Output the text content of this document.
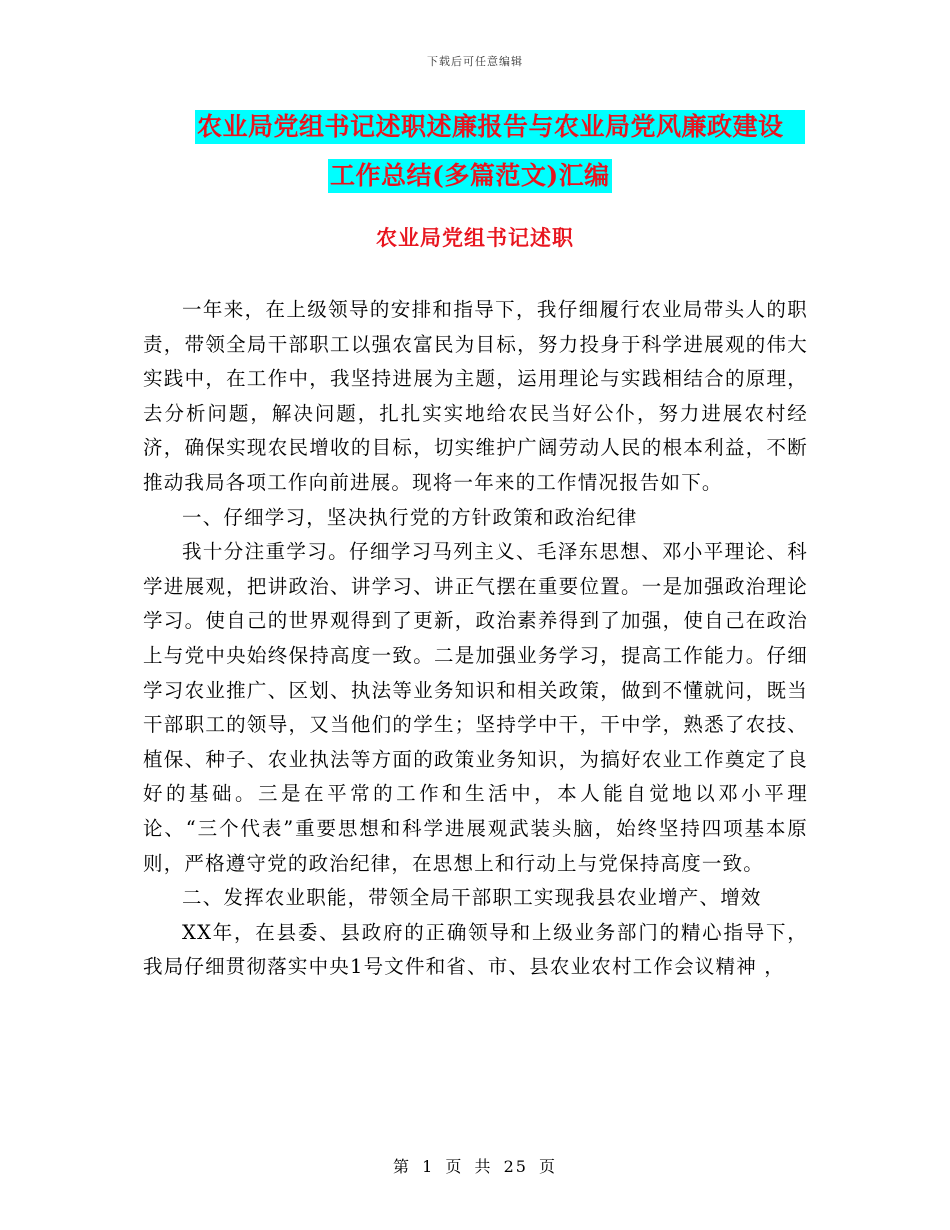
下载后可任意编辑
农业局党组书记述职述廉报告与农业局党风廉政建设
工作总结(多篇范文)汇编
农业局党组书记述职

一年来，在上级领导的安排和指导下，我仔细履行农业局带头人的职责，带领全局干部职工以强农富民为目标，努力投身于科学进展观的伟大实践中，在工作中，我坚持进展为主题，运用理论与实践相结合的原理，去分析问题，解决问题，扎扎实实地给农民当好公仆，努力进展农村经济，确保实现农民增收的目标，切实维护广阔劳动人民的根本利益，不断推动我局各项工作向前进展。现将一年来的工作情况报告如下。

一、仔细学习，坚决执行党的方针政策和政治纪律

我十分注重学习。仔细学习马列主义、毛泽东思想、邓小平理论、科学进展观，把讲政治、讲学习、讲正气摆在重要位置。一是加强政治理论学习。使自己的世界观得到了更新，政治素养得到了加强，使自己在政治上与党中央始终保持高度一致。二是加强业务学习，提高工作能力。仔细学习农业推广、区划、执法等业务知识和相关政策，做到不懂就问，既当干部职工的领导，又当他们的学生；坚持学中干，干中学，熟悉了农技、植保、种子、农业执法等方面的政策业务知识，为搞好农业工作奠定了良好的基础。三是在平常的工作和生活中，本人能自觉地以邓小平理论、“三个代表”重要思想和科学进展观武装头脑，始终坚持四项基本原则，严格遵守党的政治纪律，在思想上和行动上与党保持高度一致。

二、发挥农业职能，带领全局干部职工实现我县农业增产、增效

XX年，在县委、县政府的正确领导和上级业务部门的精心指导下，我局仔细贯彻落实中央1号文件和省、市、县农业农村工作会议精神 ，

第 1 页 共 25 页
